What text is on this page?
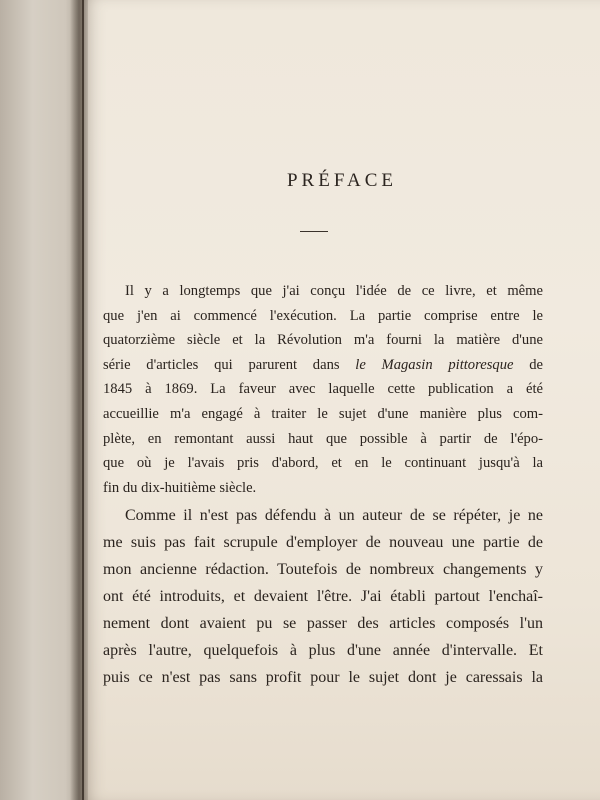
PRÉFACE

Il y a longtemps que j'ai conçu l'idée de ce livre, et même
que j'en ai commencé l'exécution. La partie comprise entre le
quatorzième siècle et la Révolution m'a fourni la matière d'une
série d'articles qui parurent dans le Magasin pittoresque de
1845 à 1869. La faveur avec laquelle cette publication a été
accueillie m'a engagé à traiter le sujet d'une manière plus com-
plète, en remontant aussi haut que possible à partir de l'épo-
que où je l'avais pris d'abord, et en le continuant jusqu'à la
fin du dix-huitième siècle.

Comme il n'est pas défendu à un auteur de se répéter, je ne
me suis pas fait scrupule d'employer de nouveau une partie de
mon ancienne rédaction. Toutefois de nombreux changements y
ont été introduits, et devaient l'être. J'ai établi partout l'enchaî-
nement dont avaient pu se passer des articles composés l'un
après l'autre, quelquefois à plus d'une année d'intervalle. Et
puis ce n'est pas sans profit pour le sujet dont je caressais la
